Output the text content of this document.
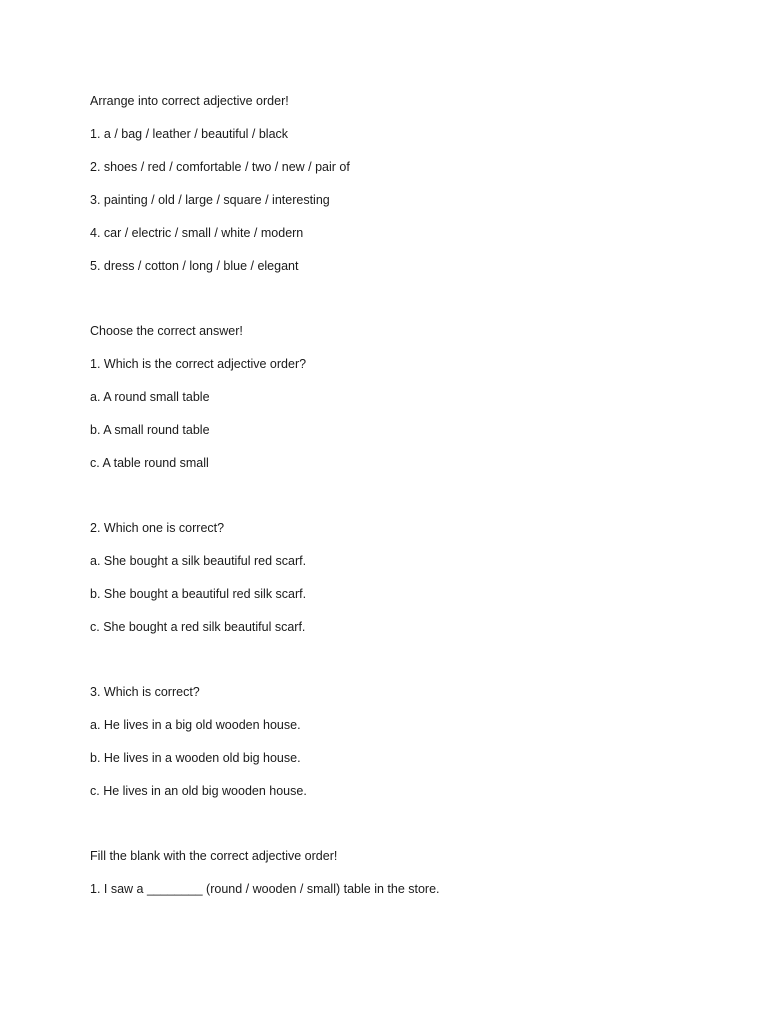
Arrange into correct adjective order!
1. a / bag / leather / beautiful / black
2. shoes / red / comfortable / two / new / pair of
3. painting / old / large / square / interesting
4. car / electric / small / white / modern
5. dress / cotton / long / blue / elegant
Choose the correct answer!
1. Which is the correct adjective order?
a. A round small table
b. A small round table
c. A table round small
2. Which one is correct?
a. She bought a silk beautiful red scarf.
b. She bought a beautiful red silk scarf.
c. She bought a red silk beautiful scarf.
3. Which is correct?
a. He lives in a big old wooden house.
b. He lives in a wooden old big house.
c. He lives in an old big wooden house.
Fill the blank with the correct adjective order!
1. I saw a ________ (round / wooden / small) table in the store.
